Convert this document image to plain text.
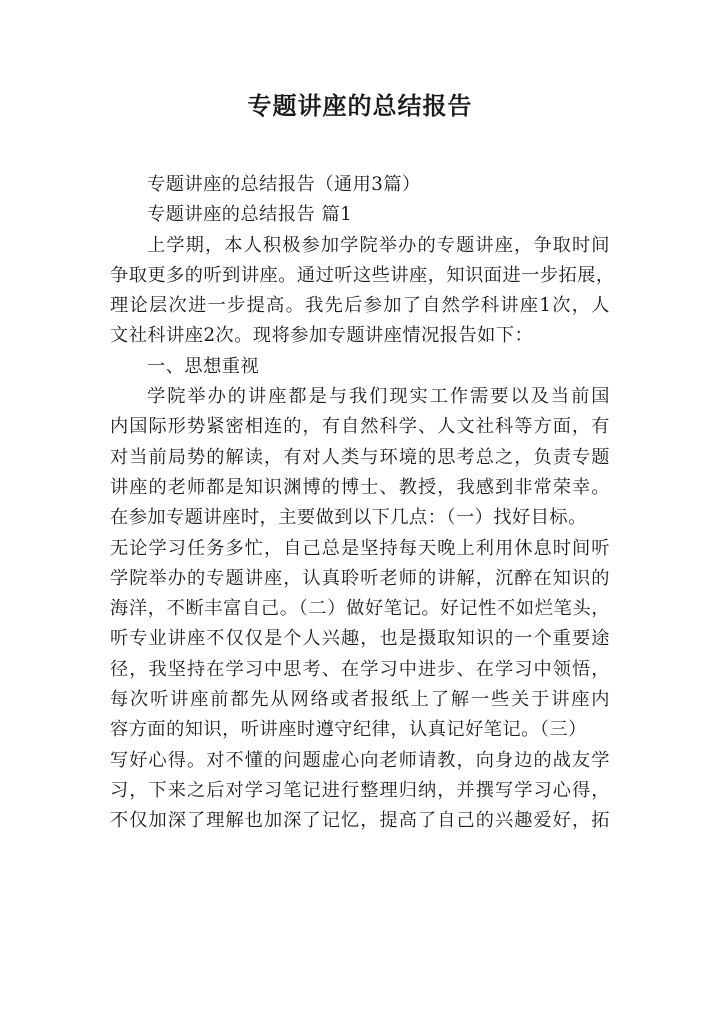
专题讲座的总结报告
专题讲座的总结报告（通用3篇）
专题讲座的总结报告 篇1
上学期，本人积极参加学院举办的专题讲座，争取时间
争取更多的听到讲座。通过听这些讲座，知识面进一步拓展，
理论层次进一步提高。我先后参加了自然学科讲座1次，人
文社科讲座2次。现将参加专题讲座情况报告如下：
一、思想重视
学院举办的讲座都是与我们现实工作需要以及当前国
内国际形势紧密相连的，有自然科学、人文社科等方面，有
对当前局势的解读，有对人类与环境的思考总之，负责专题
讲座的老师都是知识渊博的博士、教授，我感到非常荣幸。
在参加专题讲座时，主要做到以下几点：（一）找好目标。
无论学习任务多忙，自己总是坚持每天晚上利用休息时间听
学院举办的专题讲座，认真聆听老师的讲解，沉醉在知识的
海洋，不断丰富自己。（二）做好笔记。好记性不如烂笔头，
听专业讲座不仅仅是个人兴趣，也是摄取知识的一个重要途
径，我坚持在学习中思考、在学习中进步、在学习中领悟，
每次听讲座前都先从网络或者报纸上了解一些关于讲座内
容方面的知识，听讲座时遵守纪律，认真记好笔记。（三）
写好心得。对不懂的问题虚心向老师请教，向身边的战友学
习，下来之后对学习笔记进行整理归纳，并撰写学习心得，
不仅加深了理解也加深了记忆，提高了自己的兴趣爱好，拓
